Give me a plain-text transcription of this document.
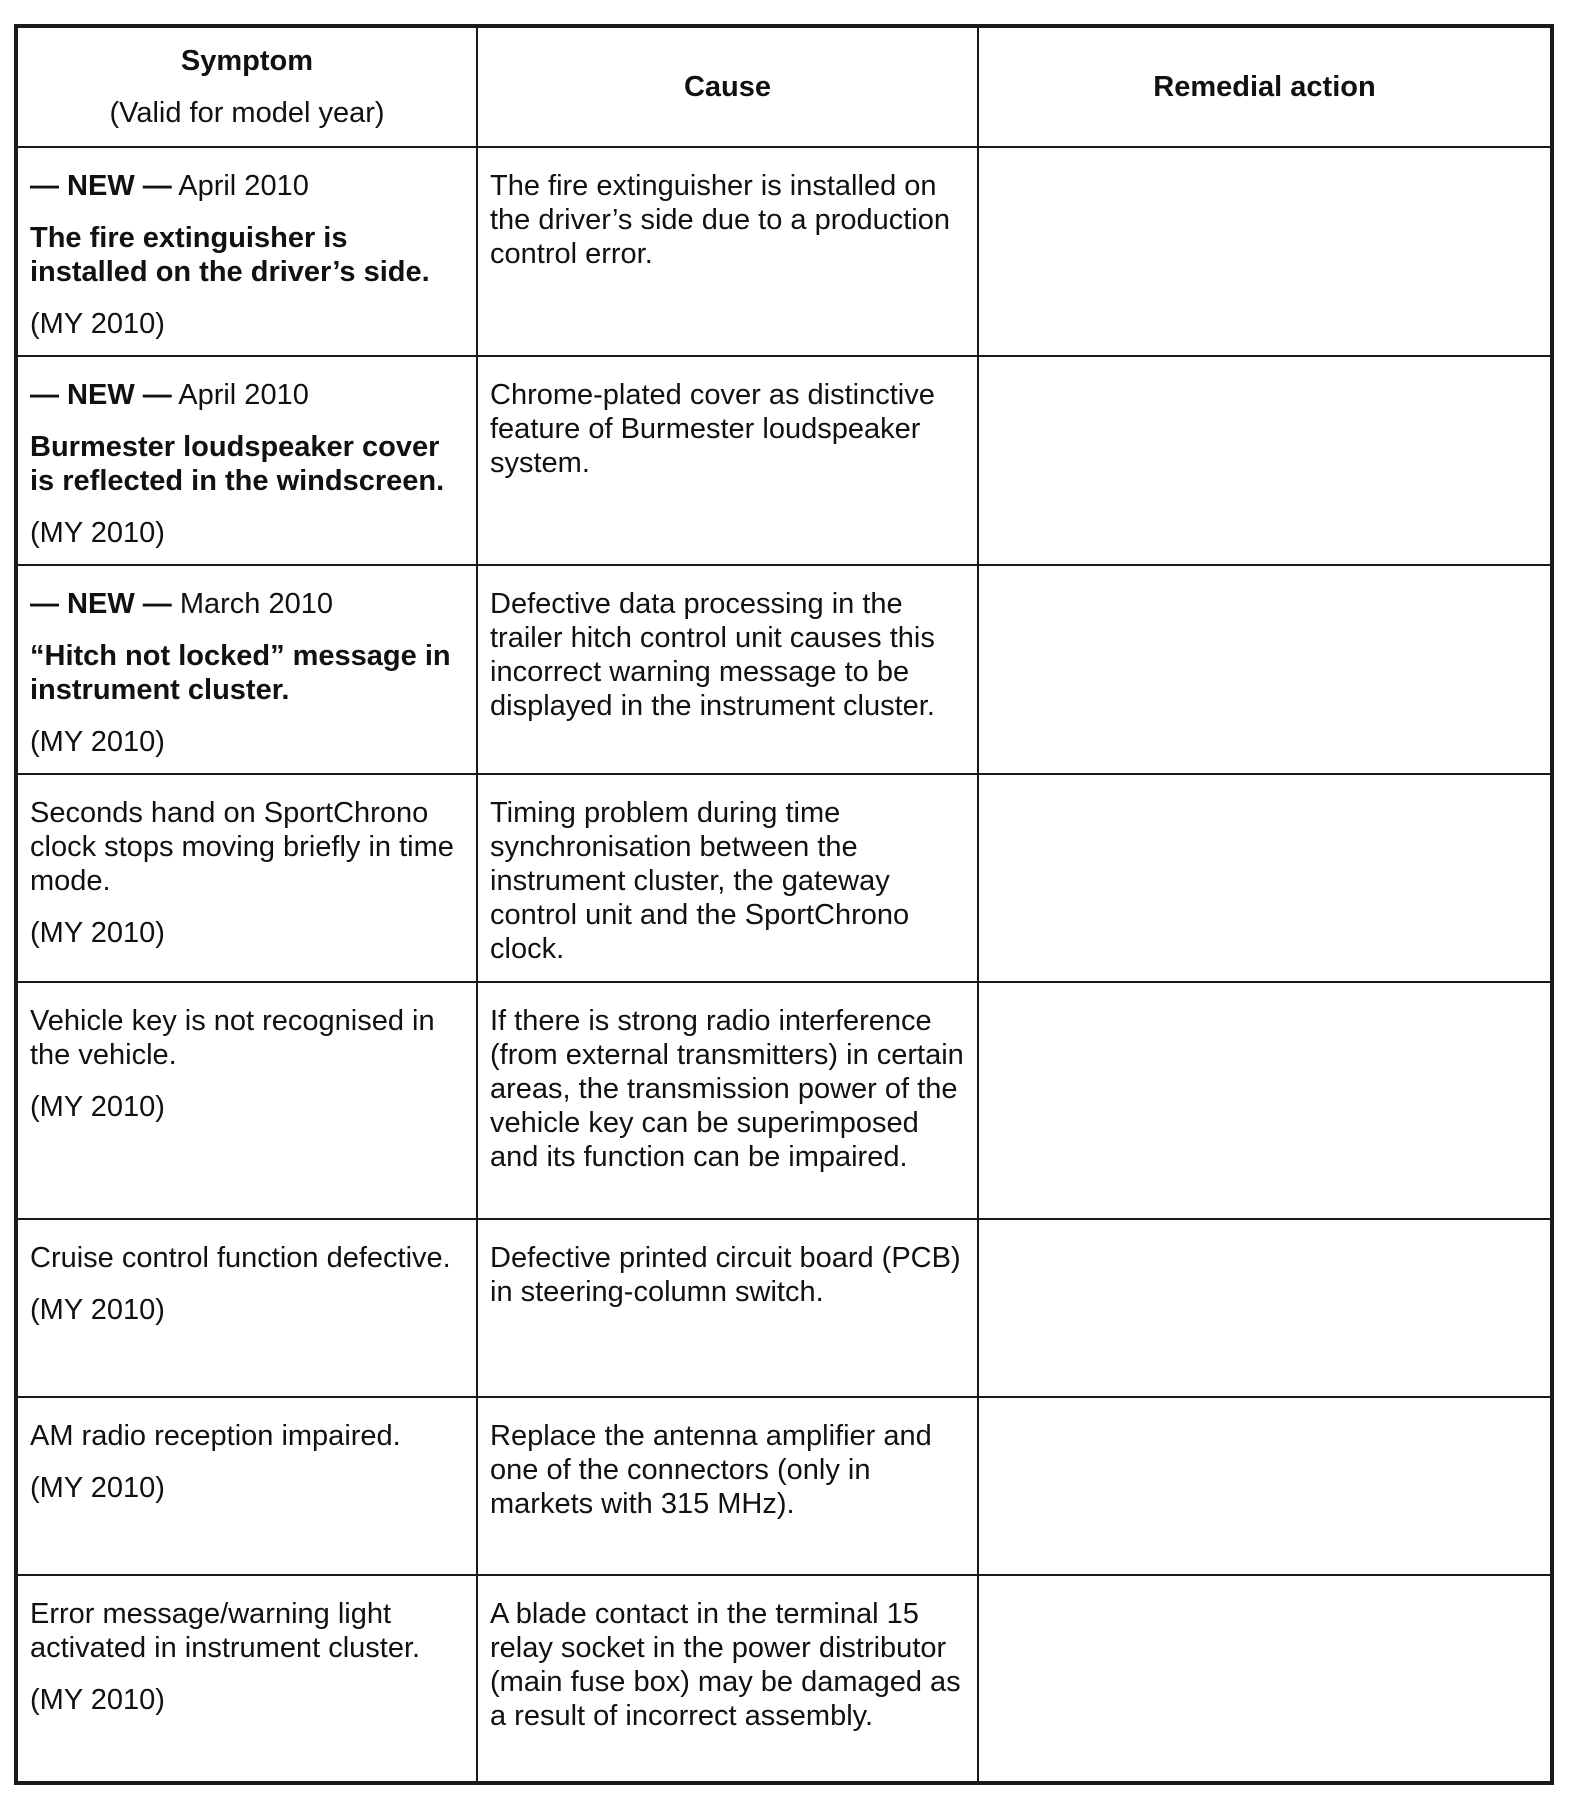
Symptom
(Valid for model year)	Cause	Remedial action

— NEW — April 2010

The fire extinguisher is installed on the driver’s side.

(MY 2010)	The fire extinguisher is installed on the driver’s side due to a production control error.	

— NEW — April 2010

Burmester loudspeaker cover is reflected in the windscreen.

(MY 2010)	Chrome-plated cover as distinctive feature of Burmester loudspeaker system.	

— NEW — March 2010

“Hitch not locked” message in instrument cluster.

(MY 2010)	Defective data processing in the trailer hitch control unit causes this incorrect warning message to be displayed in the instrument cluster.	

Seconds hand on SportChrono clock stops moving briefly in time mode.

(MY 2010)	Timing problem during time synchronisation between the instrument cluster, the gateway control unit and the SportChrono clock.	

Vehicle key is not recognised in the vehicle.

(MY 2010)	If there is strong radio interference (from external transmitters) in certain areas, the transmission power of the vehicle key can be superimposed and its function can be impaired.	

Cruise control function defective.

(MY 2010)	Defective printed circuit board (PCB) in steering-column switch.	

AM radio reception impaired.

(MY 2010)	Replace the antenna amplifier and one of the connectors (only in markets with 315 MHz).	

Error message/warning light activated in instrument cluster.

(MY 2010)	A blade contact in the terminal 15 relay socket in the power distributor (main fuse box) may be damaged as a result of incorrect assembly.	
